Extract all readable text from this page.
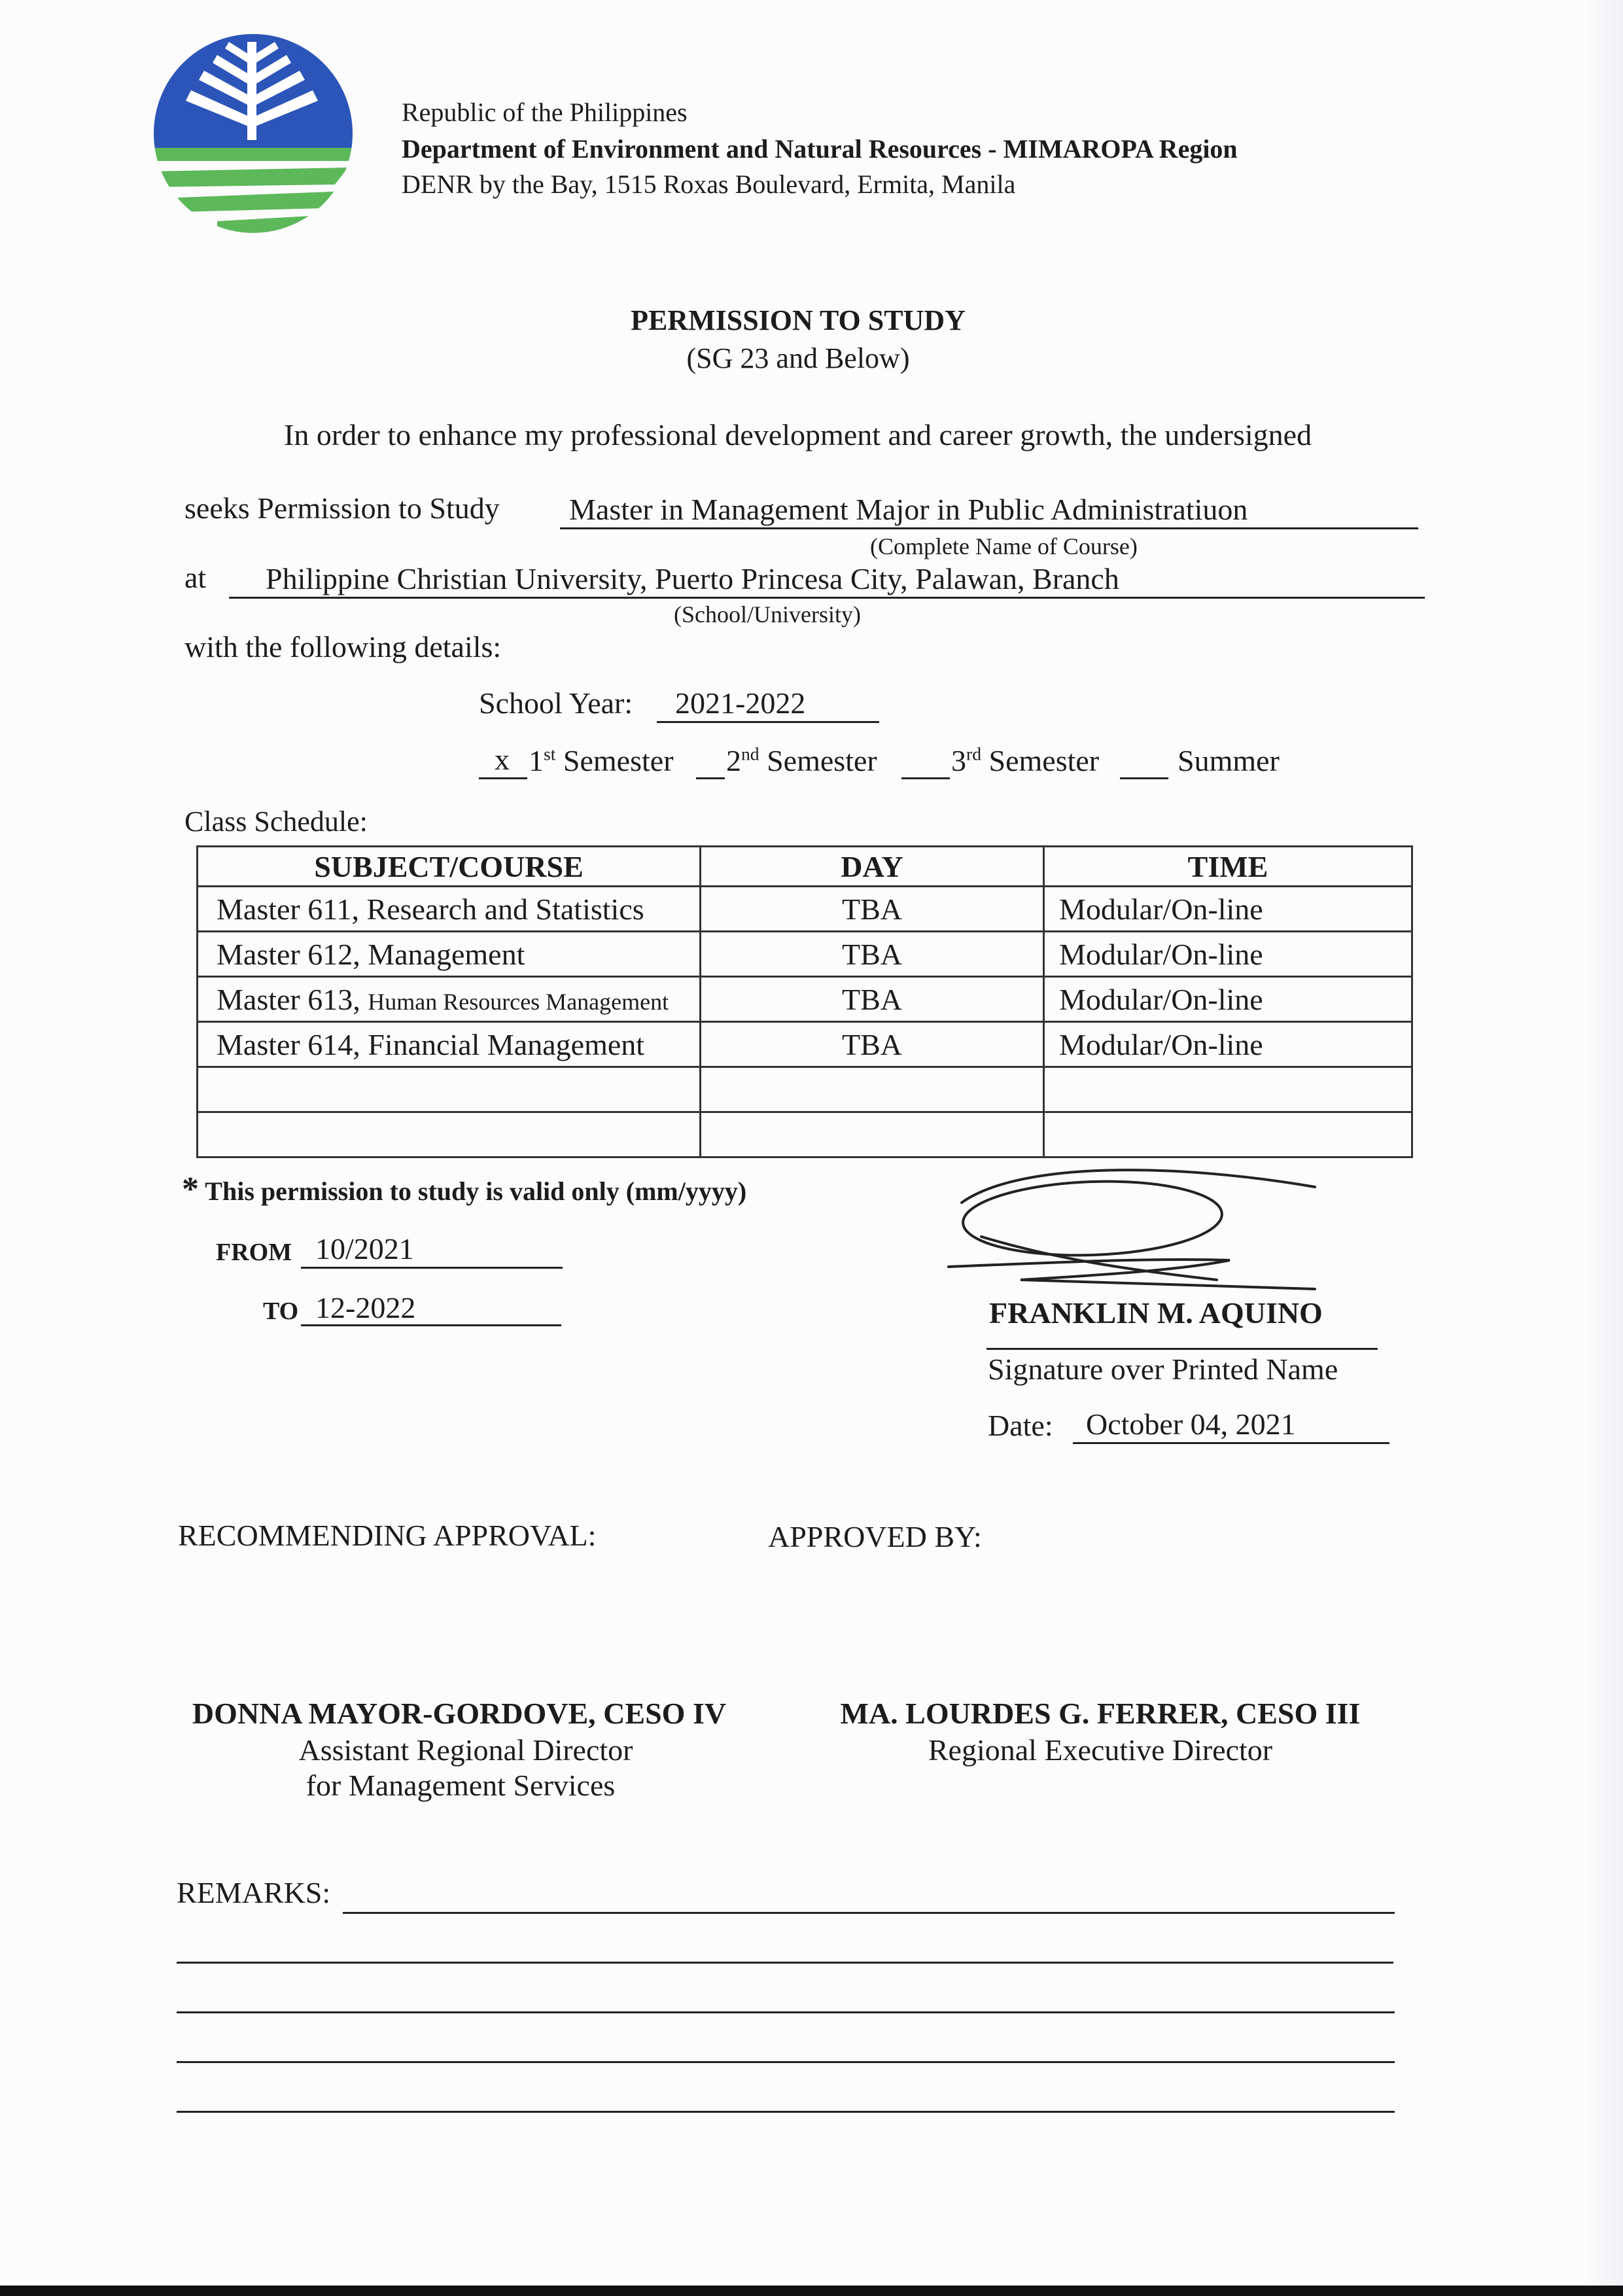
Republic of the Philippines
Department of Environment and Natural Resources - MIMAROPA Region
DENR by the Bay, 1515 Roxas Boulevard, Ermita, Manila
PERMISSION TO STUDY
(SG 23 and Below)
In order to enhance my professional development and career growth, the undersigned
seeks Permission to Study Master in Management Major in Public Administratiuon
(Complete Name of Course)
at Philippine Christian University, Puerto Princesa City, Palawan, Branch
(School/University)
with the following details:
School Year: 2021-2022
x 1st Semester 2nd Semester 3rd Semester	Summer
Class Schedule:
SUBJECT/COURSE	DAY	TIME
Master 611, Research and Statistics	TBA	Modular/On-line
Master 612, Management	TBA	Modular/On-line
Master 613, Human Resources Management	TBA	Modular/On-line
Master 614, Financial Management	TBA	Modular/On-line

* This permission to study is valid only (mm/yyyy)
FROM 10/2021
TO 12-2022	FRANKLIN M. AQUINO
Signature over Printed Name
Date: October 04, 2021
RECOMMENDING APPROVAL:	APPROVED BY:
DONNA MAYOR-GORDOVE, CESO IV
Assistant Regional Director
for Management Services
MA. LOURDES G. FERRER, CESO III
Regional Executive Director
REMARKS:
